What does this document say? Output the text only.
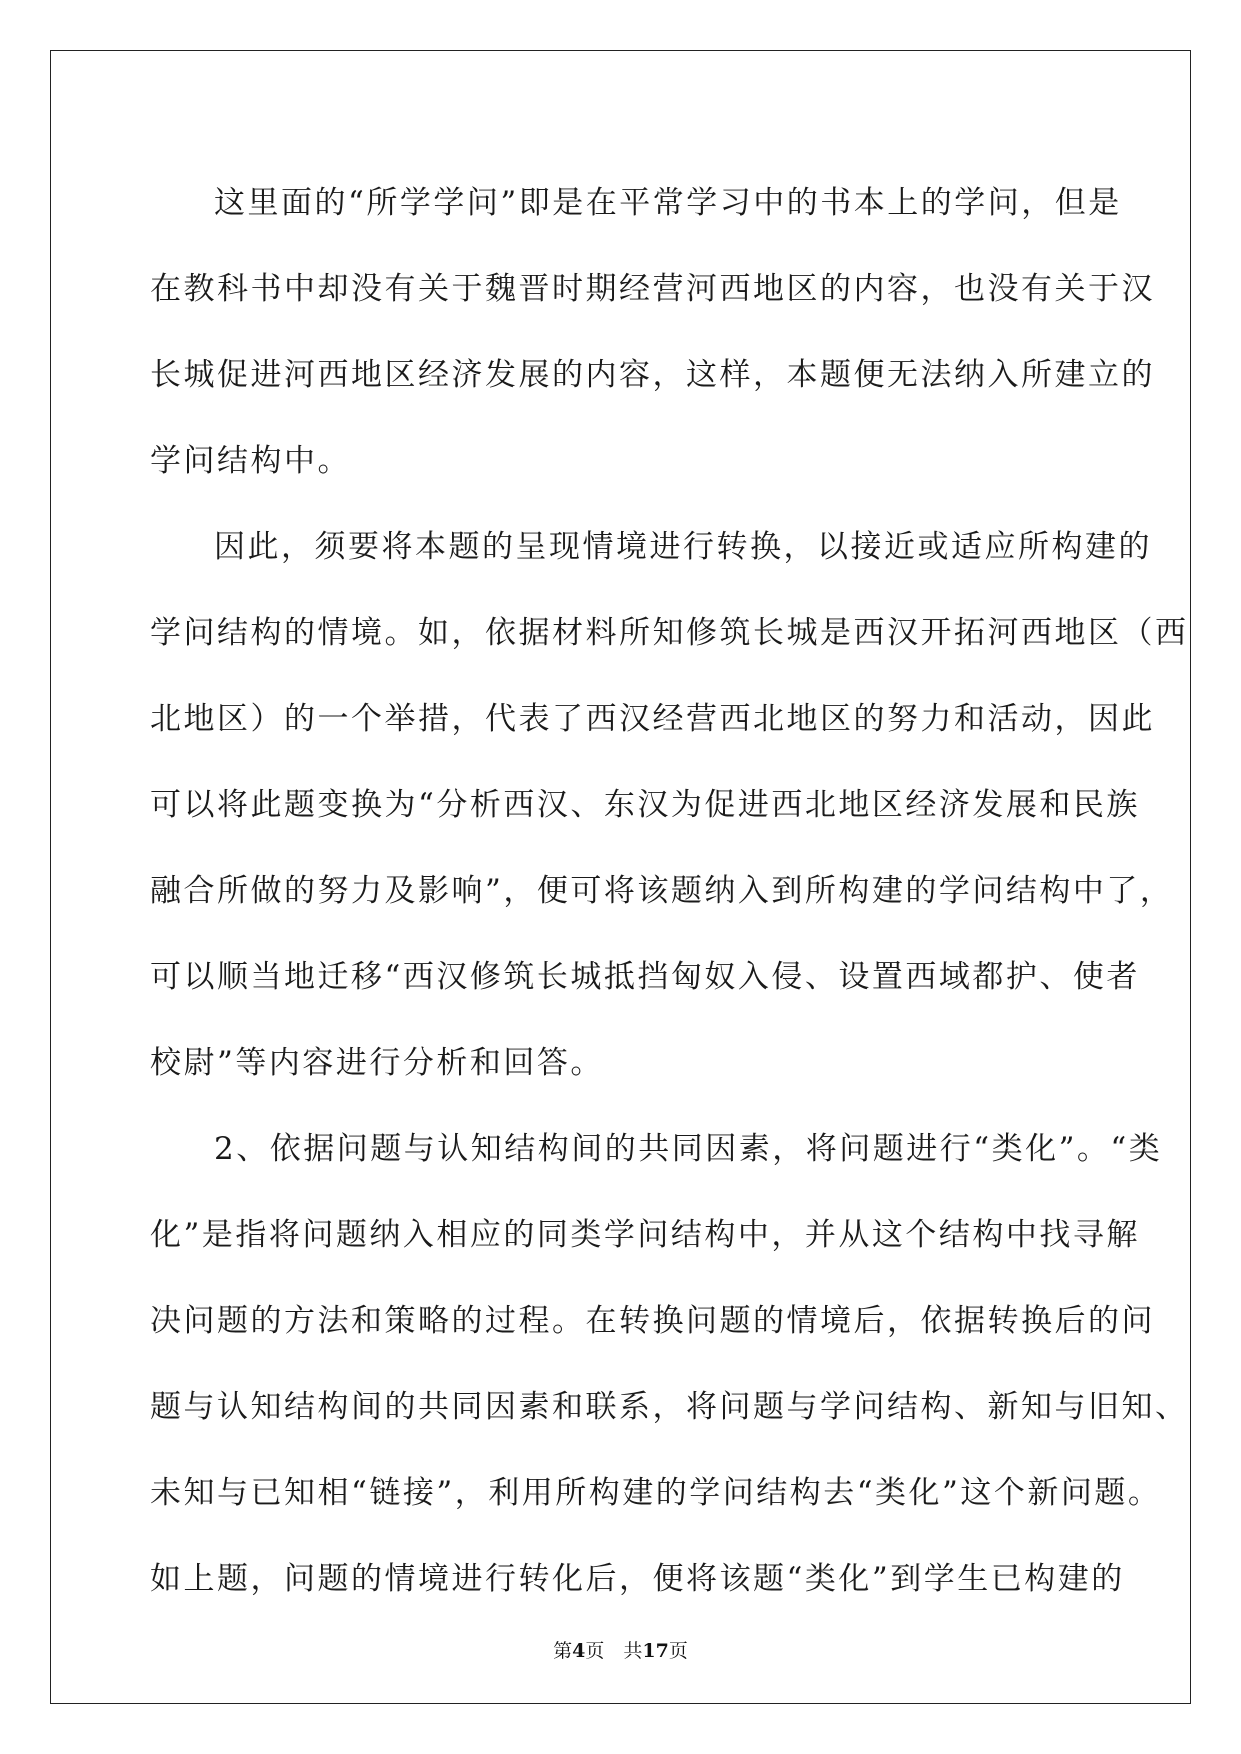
这里面的“所学学问”即是在平常学习中的书本上的学问，但是
在教科书中却没有关于魏晋时期经营河西地区的内容，也没有关于汉
长城促进河西地区经济发展的内容，这样，本题便无法纳入所建立的
学问结构中。
因此，须要将本题的呈现情境进行转换，以接近或适应所构建的
学问结构的情境。如，依据材料所知修筑长城是西汉开拓河西地区（西
北地区）的一个举措，代表了西汉经营西北地区的努力和活动，因此
可以将此题变换为“分析西汉、东汉为促进西北地区经济发展和民族
融合所做的努力及影响”，便可将该题纳入到所构建的学问结构中了，
可以顺当地迁移“西汉修筑长城抵挡匈奴入侵、设置西域都护、使者
校尉”等内容进行分析和回答。
2、依据问题与认知结构间的共同因素，将问题进行“类化”。“类
化”是指将问题纳入相应的同类学问结构中，并从这个结构中找寻解
决问题的方法和策略的过程。在转换问题的情境后，依据转换后的问
题与认知结构间的共同因素和联系，将问题与学问结构、新知与旧知、
未知与已知相“链接”，利用所构建的学问结构去“类化”这个新问题。
如上题，问题的情境进行转化后，便将该题“类化”到学生已构建的
第4页　共17页
